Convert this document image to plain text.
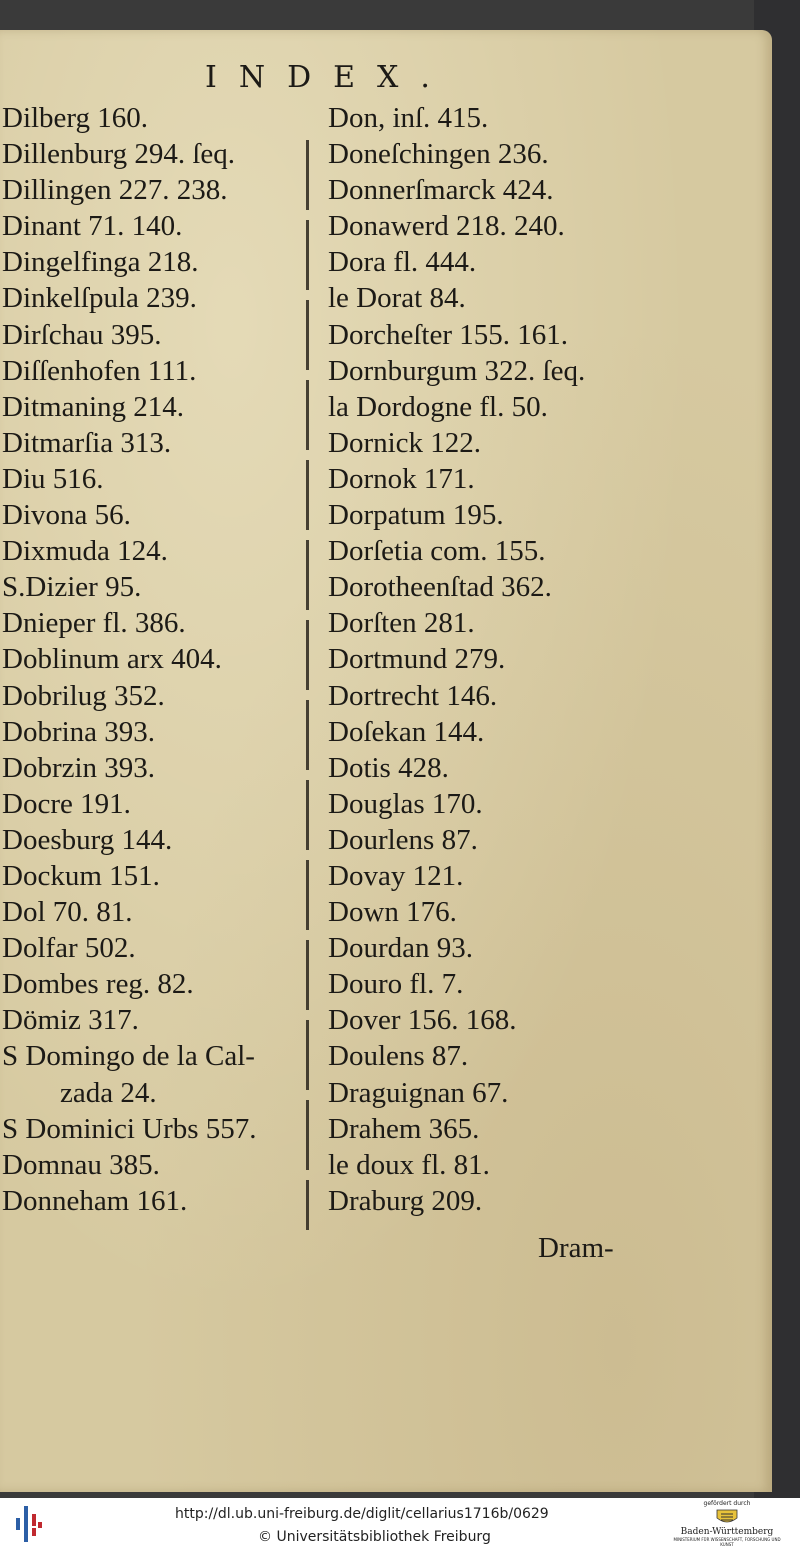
INDEX.
Dilberg 160.
Dillenburg 294. ſeq.
Dillingen 227. 238.
Dinant 71. 140.
Dingelfinga 218.
Dinkelſpula 239.
Dirſchau 395.
Diſſenhofen 111.
Ditmaning 214.
Ditmarſia 313.
Diu 516.
Divona 56.
Dixmuda 124.
S.Dizier 95.
Dnieper fl. 386.
Doblinum arx 404.
Dobrilug 352.
Dobrina 393.
Dobrzin 393.
Docre 191.
Doesburg 144.
Dockum 151.
Dol 70. 81.
Dolfar 502.
Dombes reg. 82.
Dömiz 317.
S Domingo de la Cal-
zada 24.
S Dominici Urbs 557.
Domnau 385.
Donneham 161.
Don, inſ. 415.
Doneſchingen 236.
Donnerſmarck 424.
Donawerd 218. 240.
Dora fl. 444.
le Dorat 84.
Dorcheſter 155. 161.
Dornburgum 322. ſeq.
la Dordogne fl. 50.
Dornick 122.
Dornok 171.
Dorpatum 195.
Dorſetia com. 155.
Dorotheenſtad 362.
Dorſten 281.
Dortmund 279.
Dortrecht 146.
Doſekan 144.
Dotis 428.
Douglas 170.
Dourlens 87.
Dovay 121.
Down 176.
Dourdan 93.
Douro fl. 7.
Dover 156. 168.
Doulens 87.
Draguignan 67.
Drahem 365.
le doux fl. 81.
Draburg 209.
Dram-
http://dl.ub.uni-freiburg.de/diglit/cellarius1716b/0629
© Universitätsbibliothek Freiburg
gefördert durch
Baden-Württemberg
MINISTERIUM FÜR WISSENSCHAFT, FORSCHUNG UND KUNST
